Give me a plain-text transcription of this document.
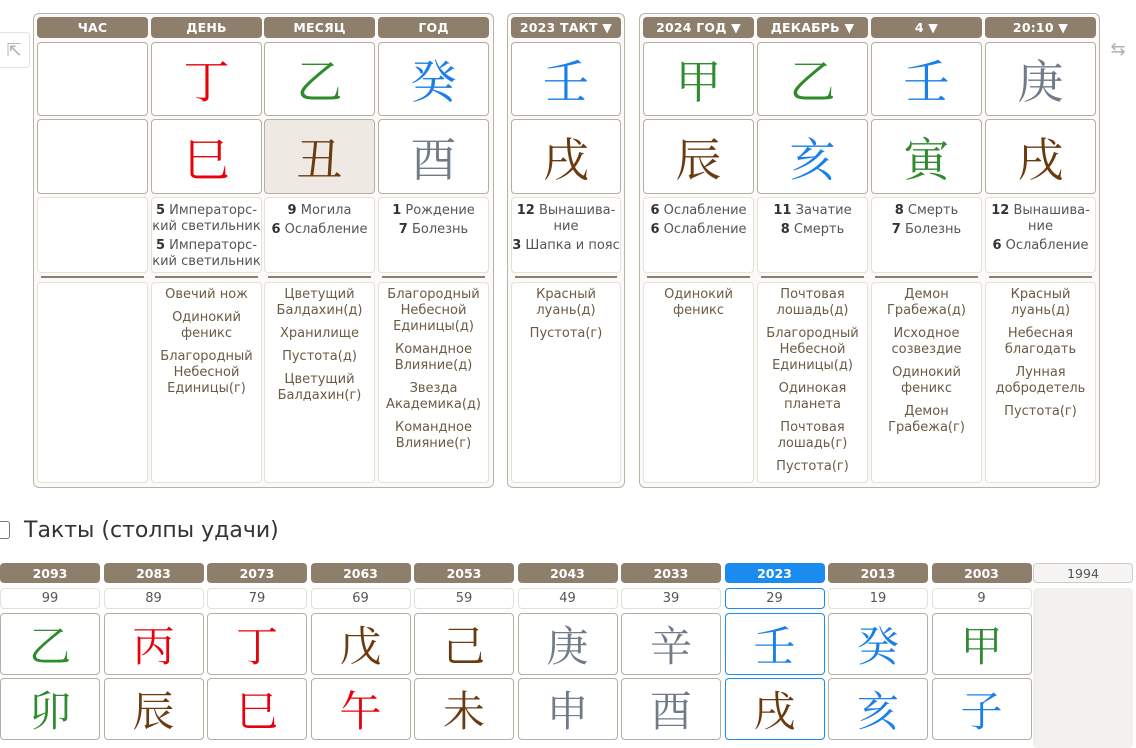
⇱	⇆
ЧАС	ДЕНЬ
丁
巳
5 Императорс-кий светильник
5 Императорс-кий светильник
Овечий нож
Одинокий феникс
Благородный Небесной Единицы(г)
МЕСЯЦ
乙
丑
9 Могила
6 Ослабление
Цветущий Балдахин(д)
Хранилище
Пустота(д)
Цветущий Балдахин(г)
ГОД
癸
酉
1 Рождение
7 Болезнь
Благородный Небесной Единицы(д)
Командное Влияние(д)
Звезда Академика(д)
Командное Влияние(г)
2023 ТАКТ ▼
壬
戌
12 Вынашива-ние
3 Шапка и пояс
Красный луань(д)
Пустота(г)
2024 ГОД ▼
甲
辰
6 Ослабление
6 Ослабление
Одинокий феникс
ДЕКАБРЬ ▼
乙
亥
11 Зачатие
8 Смерть
Почтовая лошадь(д)
Благородный Небесной Единицы(д)
Одинокая планета
Почтовая лошадь(г)
Пустота(г)
4 ▼
壬
寅
8 Смерть
7 Болезнь
Демон Грабежа(д)
Исходное созвездие
Одинокий феникс
Демон Грабежа(г)
20:10 ▼
庚
戌
12 Вынашива-ние
6 Ослабление
Красный луань(д)
Небесная благодать
Лунная добродетель
Пустота(г)
Такты (столпы удачи)
2093
99
乙
卯
2083
89
丙
辰
2073
79
丁
巳
2063
69
戊
午
2053
59
己
未
2043
49
庚
申
2033
39
辛
酉
2023
29
壬
戌
2013
19
癸
亥
2003
9
甲
子
1994
